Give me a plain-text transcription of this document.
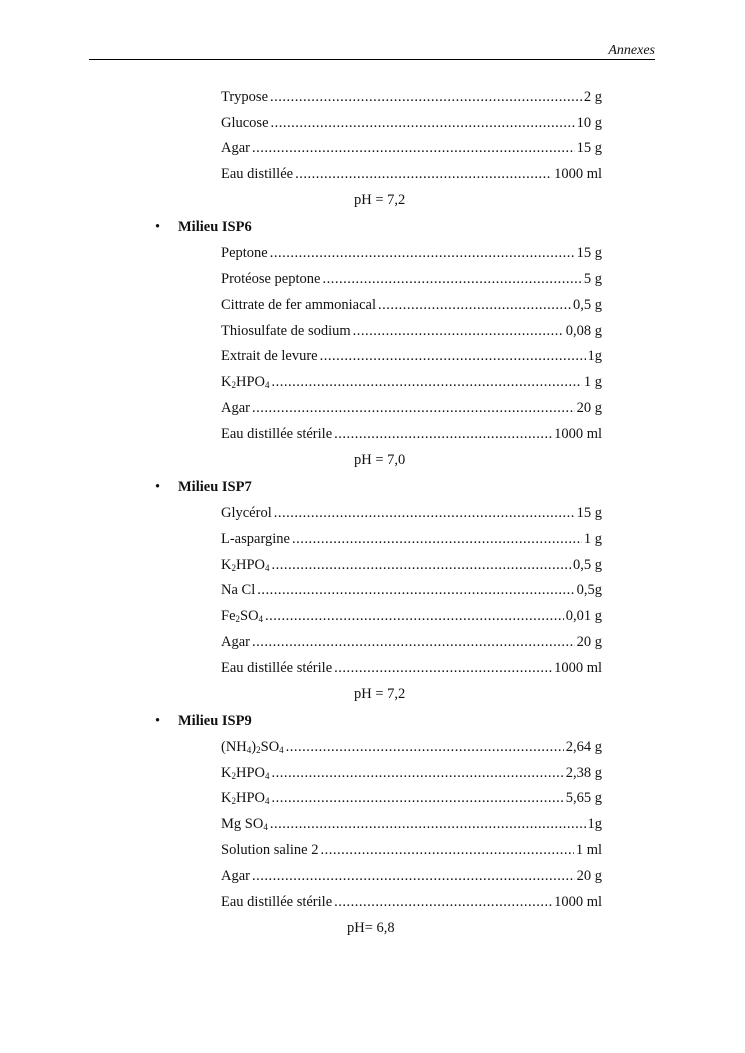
Annexes
Trypose .....	2 g
Glucose .....	10 g
Agar .....	15 g
Eau distillée .....	1000 ml
pH = 7,2
• Milieu ISP6
Peptone .....	15 g
Protéose peptone .....	5 g
Cittrate de fer ammoniacal .....	0,5 g
Thiosulfate de sodium .....	0,08 g
Extrait de levure .....	1g
$K_2HPO_4$ .....	1 g
Agar .....	20 g
Eau distillée stérile .....	1000 ml
pH = 7,0
• Milieu ISP7
Glycérol .....	15 g
L-aspargine .....	1 g
$K_2HPO_4$ .....	0,5 g
Na Cl .....	0,5g
$Fe_2SO_4$ .....	0,01 g
Agar .....	20 g
Eau distillée stérile .....	1000 ml
pH = 7,2
• Milieu ISP9
$(NH_4)_2SO_4$ .....	2,64 g
$K_2HPO_4$ .....	2,38 g
$K_2HPO_4$ .....	5,65 g
Mg $SO_4$ .....	1g
Solution saline 2 .....	1 ml
Agar .....	20 g
Eau distillée stérile .....	1000 ml
pH= 6,8
